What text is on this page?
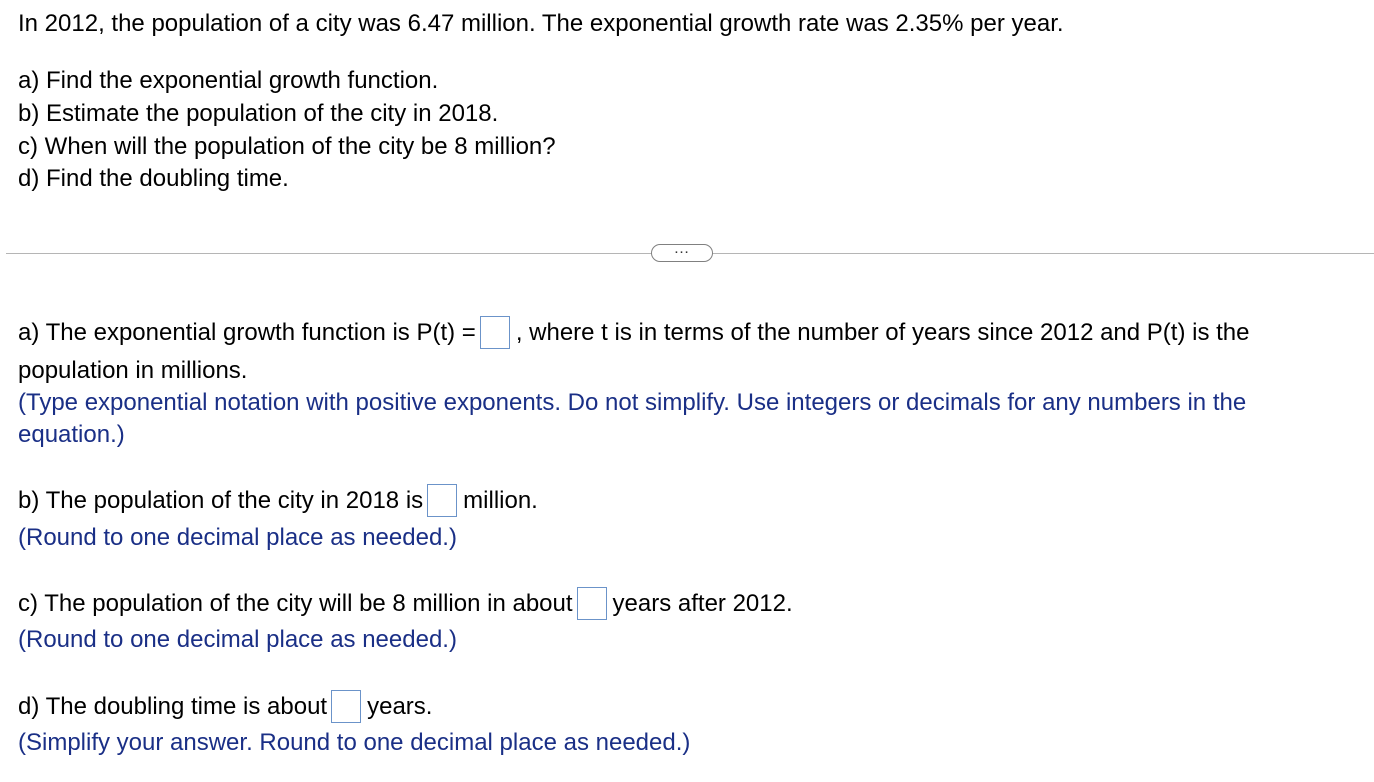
In 2012, the population of a city was 6.47 million. The exponential growth rate was 2.35% per year.
a) Find the exponential growth function.
b) Estimate the population of the city in 2018.
c) When will the population of the city be 8 million?
d) Find the doubling time.
…
a) The exponential growth function is P(t) = , where t is in terms of the number of years since 2012 and P(t) is the
population in millions.
(Type exponential notation with positive exponents. Do not simplify. Use integers or decimals for any numbers in the
equation.)
b) The population of the city in 2018 is million.
(Round to one decimal place as needed.)
c) The population of the city will be 8 million in about years after 2012.
(Round to one decimal place as needed.)
d) The doubling time is about years.
(Simplify your answer. Round to one decimal place as needed.)
